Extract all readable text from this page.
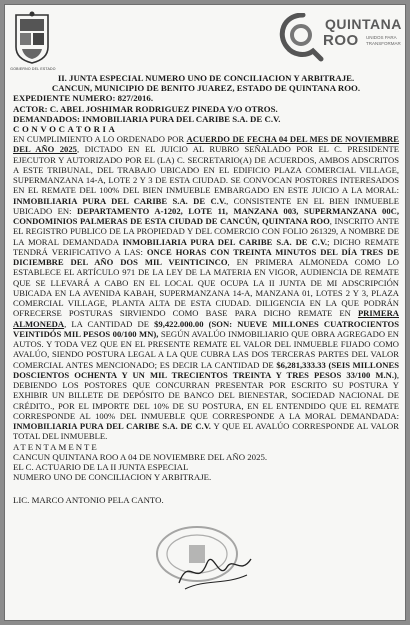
GOBIERNO DEL ESTADO
QUINTANA
ROO UNIDOS PARA
TRANSFORMAR
II. JUNTA ESPECIAL NUMERO UNO DE CONCILIACION Y ARBITRAJE.
CANCUN, MUNICIPIO DE BENITO JUAREZ, ESTADO DE QUINTANA ROO.
EXPEDIENTE NUMERO: 827/2016.
ACTOR: C. ABEL JOSHIMAR RODRIGUEZ PINEDA Y/O OTROS.
DEMANDADOS: INMOBILIARIA PURA DEL CARIBE S.A. DE C.V.
CONVOCATORIA
EN CUMPLIMIENTO A LO ORDENADO POR ACUERDO DE FECHA 04 DEL MES DE NOVIEMBRE DEL AÑO 2025, DICTADO EN EL JUICIO AL RUBRO SEÑALADO POR EL C. PRESIDENTE EJECUTOR Y AUTORIZADO POR EL (LA) C. SECRETARIO(A) DE ACUERDOS, AMBOS ADSCRITOS A ESTE TRIBUNAL, DEL TRABAJO UBICADO EN EL EDIFICIO PLAZA COMERCIAL VILLAGE, SUPERMANZANA 14-A, LOTE 2 Y 3 DE ESTA CIUDAD. SE CONVOCAN POSTORES INTERESADOS EN EL REMATE DEL 100% DEL BIEN INMUEBLE EMBARGADO EN ESTE JUICIO A LA MORAL: INMOBILIARIA PURA DEL CARIBE S.A. DE C.V., CONSISTENTE EN EL BIEN INMUEBLE UBICADO EN: DEPARTAMENTO A-1202, LOTE 11, MANZANA 003, SUPERMANZANA 00C, CONDOMINIOS PALMERAS DE ESTA CIUDAD DE CANCÚN, QUINTANA ROO, INSCRITO ANTE EL REGISTRO PUBLICO DE LA PROPIEDAD Y DEL COMERCIO CON FOLIO 261329, A NOMBRE DE LA MORAL DEMANDADA INMOBILIARIA PURA DEL CARIBE S.A. DE C.V.; DICHO REMATE TENDRÁ VERIFICATIVO A LAS: ONCE HORAS CON TREINTA MINUTOS DEL DÍA TRES DE DICIEMBRE DEL AÑO DOS MIL VEINTICINCO, EN PRIMERA ALMONEDA COMO LO ESTABLECE EL ARTÍCULO 971 DE LA LEY DE LA MATERIA EN VIGOR, AUDIENCIA DE REMATE QUE SE LLEVARÁ A CABO EN EL LOCAL QUE OCUPA LA II JUNTA DE MI ADSCRIPCIÓN UBICADA EN LA AVENIDA KABAH, SUPERMANZANA 14-A, MANZANA 01, LOTES 2 Y 3, PLAZA COMERCIAL VILLAGE, PLANTA ALTA DE ESTA CIUDAD. DILIGENCIA EN LA QUE PODRÁN OFRECERSE POSTURAS SIRVIENDO COMO BASE PARA DICHO REMATE EN PRIMERA ALMONEDA, LA CANTIDAD DE $9,422.000.00 (SON: NUEVE MILLONES CUATROCIENTOS VEINTIDÓS MIL PESOS 00/100 MN), SEGÚN AVALÚO INMOBILIARIO QUE OBRA AGREGADO EN AUTOS. Y TODA VEZ QUE EN EL PRESENTE REMATE EL VALOR DEL INMUEBLE FIJADO COMO AVALÚO, SIENDO POSTURA LEGAL A LA QUE CUBRA LAS DOS TERCERAS PARTES DEL VALOR COMERCIAL ANTES MENCIONADO; ES DECIR LA CANTIDAD DE $6,281,333.33 (SEIS MILLONES DOSCIENTOS OCHENTA Y UN MIL TRECIENTOS TREINTA Y TRES PESOS 33/100 M.N.), DEBIENDO LOS POSTORES QUE CONCURRAN PRESENTAR POR ESCRITO SU POSTURA Y EXHIBIR UN BILLETE DE DEPÓSITO DE BANCO DEL BIENESTAR, SOCIEDAD NACIONAL DE CRÉDITO., POR EL IMPORTE DEL 10% DE SU POSTURA, EN EL ENTENDIDO QUE EL REMATE CORRESPONDE AL 100% DEL INMUEBLE QUE CORRESPONDE A LA MORAL DEMANDADA: INMOBILIARIA PURA DEL CARIBE S.A. DE C.V. Y QUE EL AVALÚO CORRESPONDE AL VALOR TOTAL DEL INMUEBLE.
ATENTAMENTE
CANCUN QUINTANA ROO A 04 DE NOVIEMBRE DEL AÑO 2025.
EL C. ACTUARIO DE LA II JUNTA ESPECIAL
NUMERO UNO DE CONCILIACION Y ARBITRAJE.
LIC. MARCO ANTONIO PELA CANTO.
